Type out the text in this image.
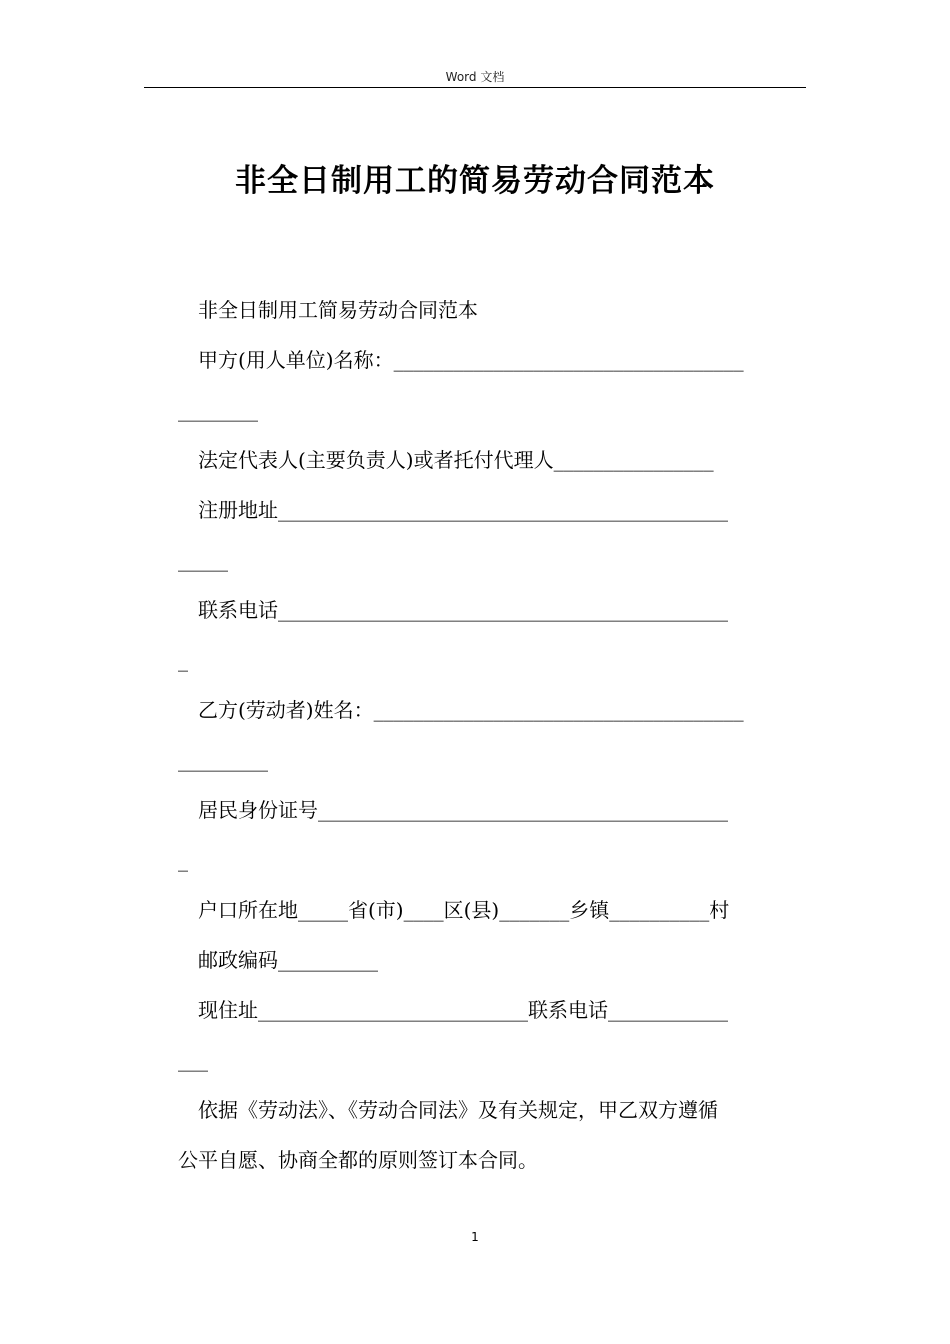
Word 文档
非全日制用工的简易劳动合同范本
非全日制用工简易劳动合同范本
甲方(用人单位)名称：___________________________________
________
法定代表人(主要负责人)或者托付代理人________________
注册地址_____________________________________________
_____
联系电话_____________________________________________
_
乙方(劳动者)姓名：_____________________________________
_________
居民身份证号_________________________________________
_
户口所在地_____省(市)____区(县)_______乡镇__________村
邮政编码__________
现住址___________________________联系电话____________
___
依据《劳动法》、《劳动合同法》及有关规定，甲乙双方遵循
公平自愿、协商全都的原则签订本合同。
1
